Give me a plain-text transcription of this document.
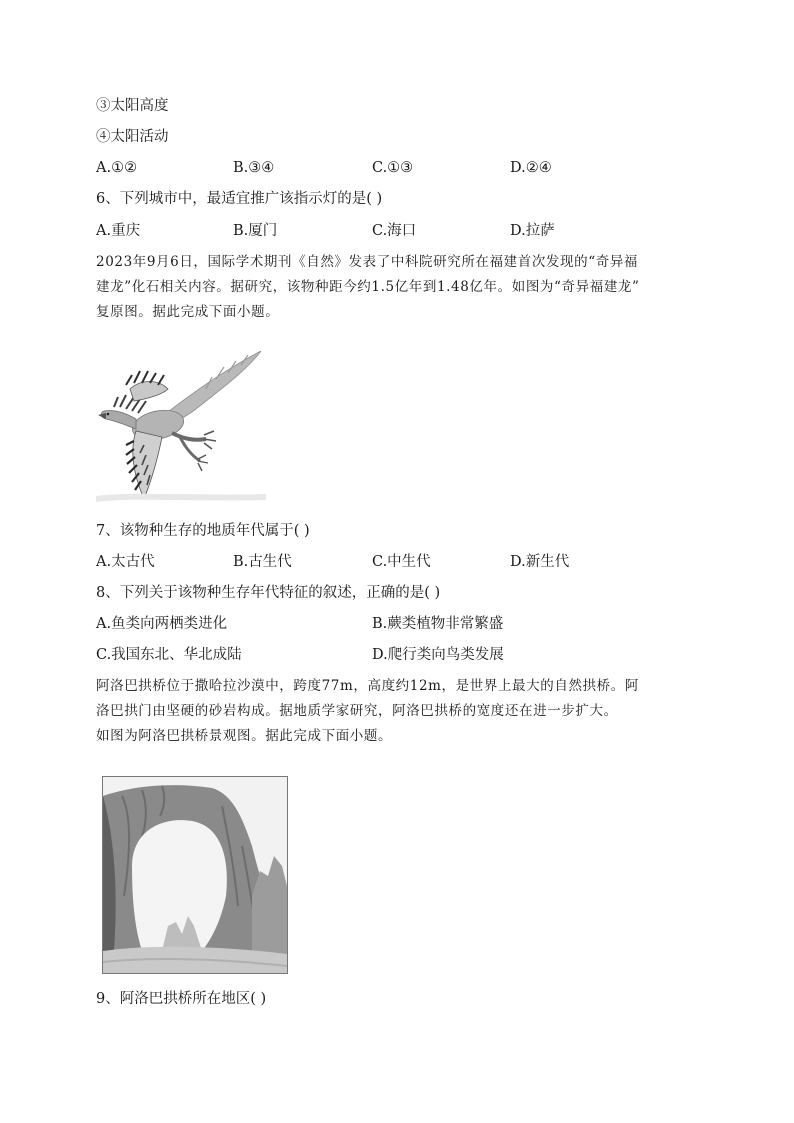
③太阳高度
④太阳活动
A.①②	B.③④	C.①③	D.②④
6、下列城市中，最适宜推广该指示灯的是( )
A.重庆	B.厦门	C.海口	D.拉萨
2023年9月6日，国际学术期刊《自然》发表了中科院研究所在福建首次发现的“奇异福
建龙”化石相关内容。据研究，该物种距今约1.5亿年到1.48亿年。如图为“奇异福建龙”
复原图。据此完成下面小题。
7、该物种生存的地质年代属于( )
A.太古代	B.古生代	C.中生代	D.新生代
8、下列关于该物种生存年代特征的叙述，正确的是( )
A.鱼类向两栖类进化	B.蕨类植物非常繁盛
C.我国东北、华北成陆	D.爬行类向鸟类发展
阿洛巴拱桥位于撒哈拉沙漠中，跨度77m，高度约12m，是世界上最大的自然拱桥。阿
洛巴拱门由坚硬的砂岩构成。据地质学家研究，阿洛巴拱桥的宽度还在进一步扩大。
如图为阿洛巴拱桥景观图。据此完成下面小题。
9、阿洛巴拱桥所在地区( )
